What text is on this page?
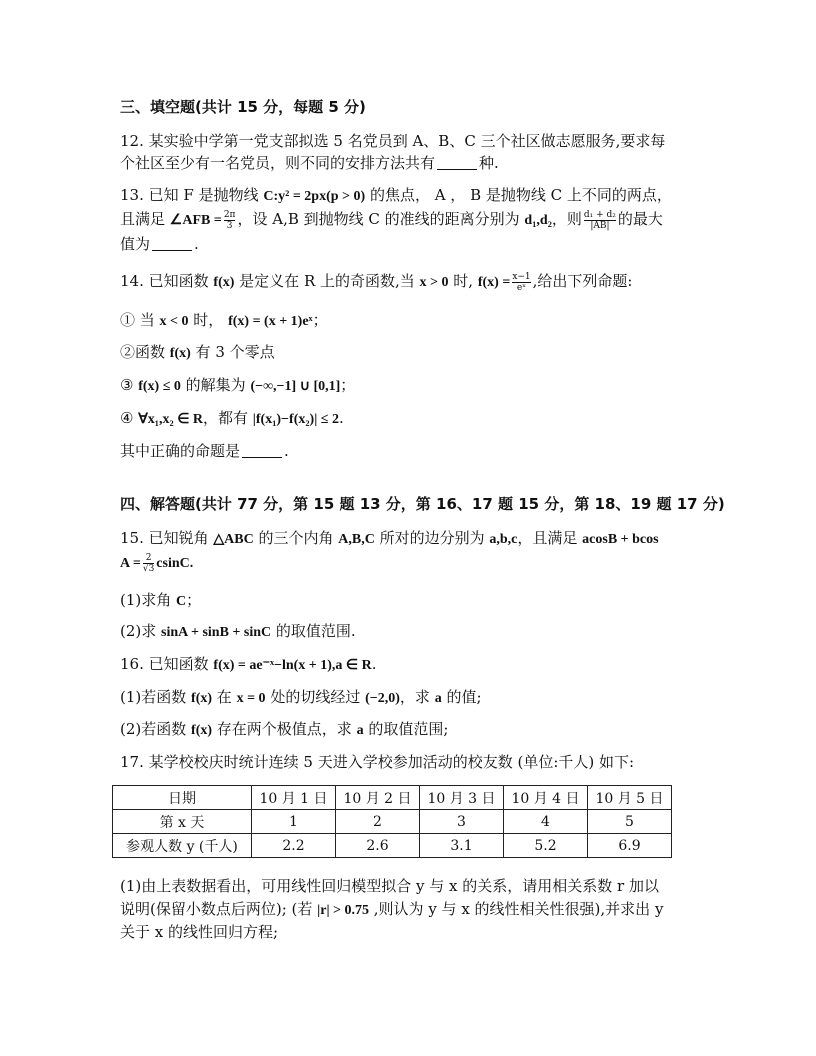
三、填空题(共计 15 分，每题 5 分)
12. 某实验中学第一党支部拟选 5 名党员到 A、B、C 三个社区做志愿服务,要求每
个社区至少有一名党员，则不同的安排方法共有	种.
13. 已知 F 是抛物线 C:y² = 2px(p > 0) 的焦点， A ， B 是抛物线 C 上不同的两点，
且满足 ∠AFB = $\frac{2\pi}{3}$ ，设 A,B 到抛物线 C 的准线的距离分别为 d₁,d₂，则 $\frac{\text{d₁ + d₂}}{|AB|}$ 的最大
值为	.
14. 已知函数 f(x) 是定义在 R 上的奇函数,当 x > 0 时, $f(x) = \frac{x-1}{\text{eˣ}}$ ,给出下列命题:
① 当 x < 0 时， f(x) = (x + 1)eˣ；
②函数 f(x) 有 3 个零点
③ f(x) ≤ 0 的解集为 (−∞,−1] ∪ [0,1]；
④ ∀x₁,x₂ ∈ R，都有 |f(x₁)−f(x₂)| ≤ 2.
其中正确的命题是	.
四、解答题(共计 77 分，第 15 题 13 分，第 16、17 题 15 分，第 18、19 题 17 分)
15. 已知锐角 △ABC 的三个内角 A,B,C 所对的边分别为 a,b,c，且满足 acosB + bcos
$A = \frac{2}{√3} csinC$.
(1)求角 C；
(2)求 sinA + sinB + sinC 的取值范围.
16. 已知函数 f(x) = ae⁻ˣ−ln(x + 1),a ∈ R.
(1)若函数 f(x) 在 x = 0 处的切线经过 (−2,0)，求 a 的值;
(2)若函数 f(x) 存在两个极值点，求 a 的取值范围;
17. 某学校校庆时统计连续 5 天进入学校参加活动的校友数 (单位:千人) 如下:
日期	10 月 1 日	10 月 2 日	10 月 3 日	10 月 4 日	10 月 5 日
第 x 天	1	2	3	4	5
参观人数 y (千人)	2.2	2.6	3.1	5.2	6.9
(1)由上表数据看出，可用线性回归模型拟合 y 与 x 的关系，请用相关系数 r 加以
说明(保留小数点后两位); (若 |r| > 0.75 ,则认为 y 与 x 的线性相关性很强),并求出 y
关于 x 的线性回归方程;
